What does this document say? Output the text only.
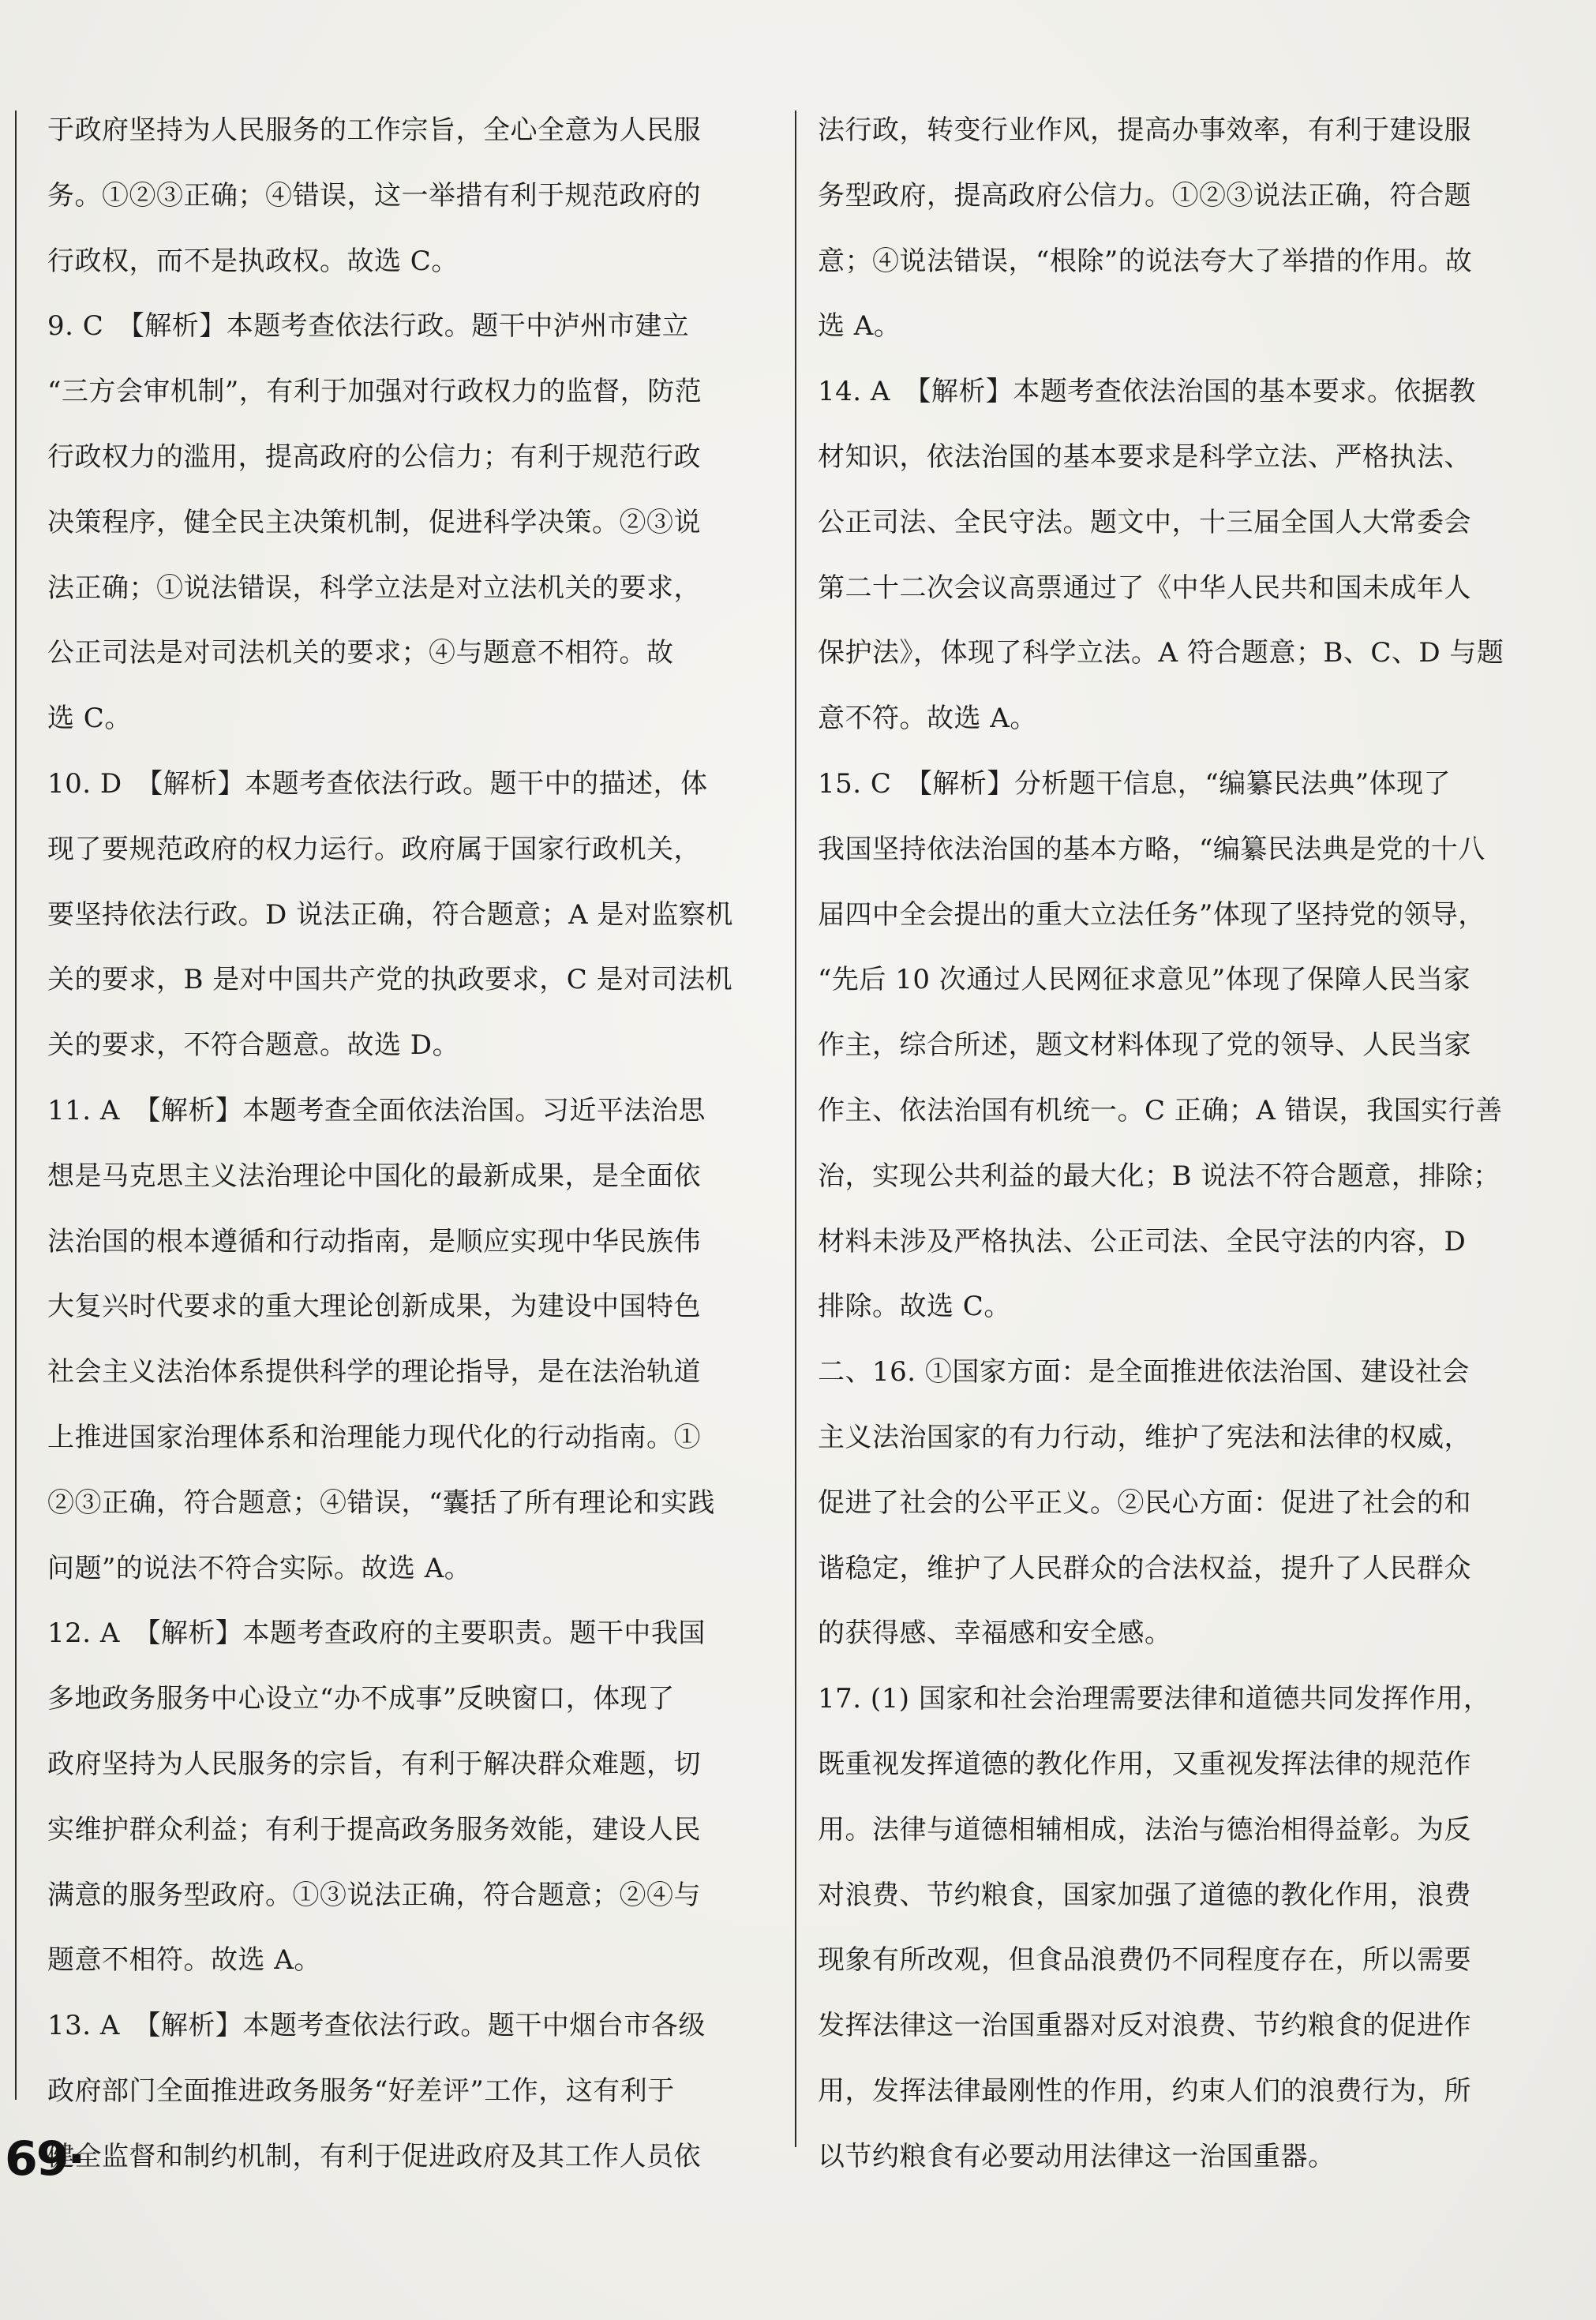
于政府坚持为人民服务的工作宗旨，全心全意为人民服
务。①②③正确；④错误，这一举措有利于规范政府的
行政权，而不是执政权。故选 C。
9. C　【解析】本题考查依法行政。题干中泸州市建立
“三方会审机制”，有利于加强对行政权力的监督，防范
行政权力的滥用，提高政府的公信力；有利于规范行政
决策程序，健全民主决策机制，促进科学决策。②③说
法正确；①说法错误，科学立法是对立法机关的要求，
公正司法是对司法机关的要求；④与题意不相符。故
选 C。
10. D　【解析】本题考查依法行政。题干中的描述，体
现了要规范政府的权力运行。政府属于国家行政机关，
要坚持依法行政。D 说法正确，符合题意；A 是对监察机
关的要求，B 是对中国共产党的执政要求，C 是对司法机
关的要求，不符合题意。故选 D。
11. A　【解析】本题考查全面依法治国。习近平法治思
想是马克思主义法治理论中国化的最新成果，是全面依
法治国的根本遵循和行动指南，是顺应实现中华民族伟
大复兴时代要求的重大理论创新成果，为建设中国特色
社会主义法治体系提供科学的理论指导，是在法治轨道
上推进国家治理体系和治理能力现代化的行动指南。①
②③正确，符合题意；④错误，“囊括了所有理论和实践
问题”的说法不符合实际。故选 A。
12. A　【解析】本题考查政府的主要职责。题干中我国
多地政务服务中心设立“办不成事”反映窗口，体现了
政府坚持为人民服务的宗旨，有利于解决群众难题，切
实维护群众利益；有利于提高政务服务效能，建设人民
满意的服务型政府。①③说法正确，符合题意；②④与
题意不相符。故选 A。
13. A　【解析】本题考查依法行政。题干中烟台市各级
政府部门全面推进政务服务“好差评”工作，这有利于
健全监督和制约机制，有利于促进政府及其工作人员依
法行政，转变行业作风，提高办事效率，有利于建设服
务型政府，提高政府公信力。①②③说法正确，符合题
意；④说法错误，“根除”的说法夸大了举措的作用。故
选 A。
14. A　【解析】本题考查依法治国的基本要求。依据教
材知识，依法治国的基本要求是科学立法、严格执法、
公正司法、全民守法。题文中，十三届全国人大常委会
第二十二次会议高票通过了《中华人民共和国未成年人
保护法》，体现了科学立法。A 符合题意；B、C、D 与题
意不符。故选 A。
15. C　【解析】分析题干信息，“编纂民法典”体现了
我国坚持依法治国的基本方略，“编纂民法典是党的十八
届四中全会提出的重大立法任务”体现了坚持党的领导，
“先后 10 次通过人民网征求意见”体现了保障人民当家
作主，综合所述，题文材料体现了党的领导、人民当家
作主、依法治国有机统一。C 正确；A 错误，我国实行善
治，实现公共利益的最大化；B 说法不符合题意，排除；
材料未涉及严格执法、公正司法、全民守法的内容，D
排除。故选 C。
二、16. ①国家方面：是全面推进依法治国、建设社会
主义法治国家的有力行动，维护了宪法和法律的权威，
促进了社会的公平正义。②民心方面：促进了社会的和
谐稳定，维护了人民群众的合法权益，提升了人民群众
的获得感、幸福感和安全感。
17. (1) 国家和社会治理需要法律和道德共同发挥作用，
既重视发挥道德的教化作用，又重视发挥法律的规范作
用。法律与道德相辅相成，法治与德治相得益彰。为反
对浪费、节约粮食，国家加强了道德的教化作用，浪费
现象有所改观，但食品浪费仍不同程度存在，所以需要
发挥法律这一治国重器对反对浪费、节约粮食的促进作
用，发挥法律最刚性的作用，约束人们的浪费行为，所
以节约粮食有必要动用法律这一治国重器。
69·
